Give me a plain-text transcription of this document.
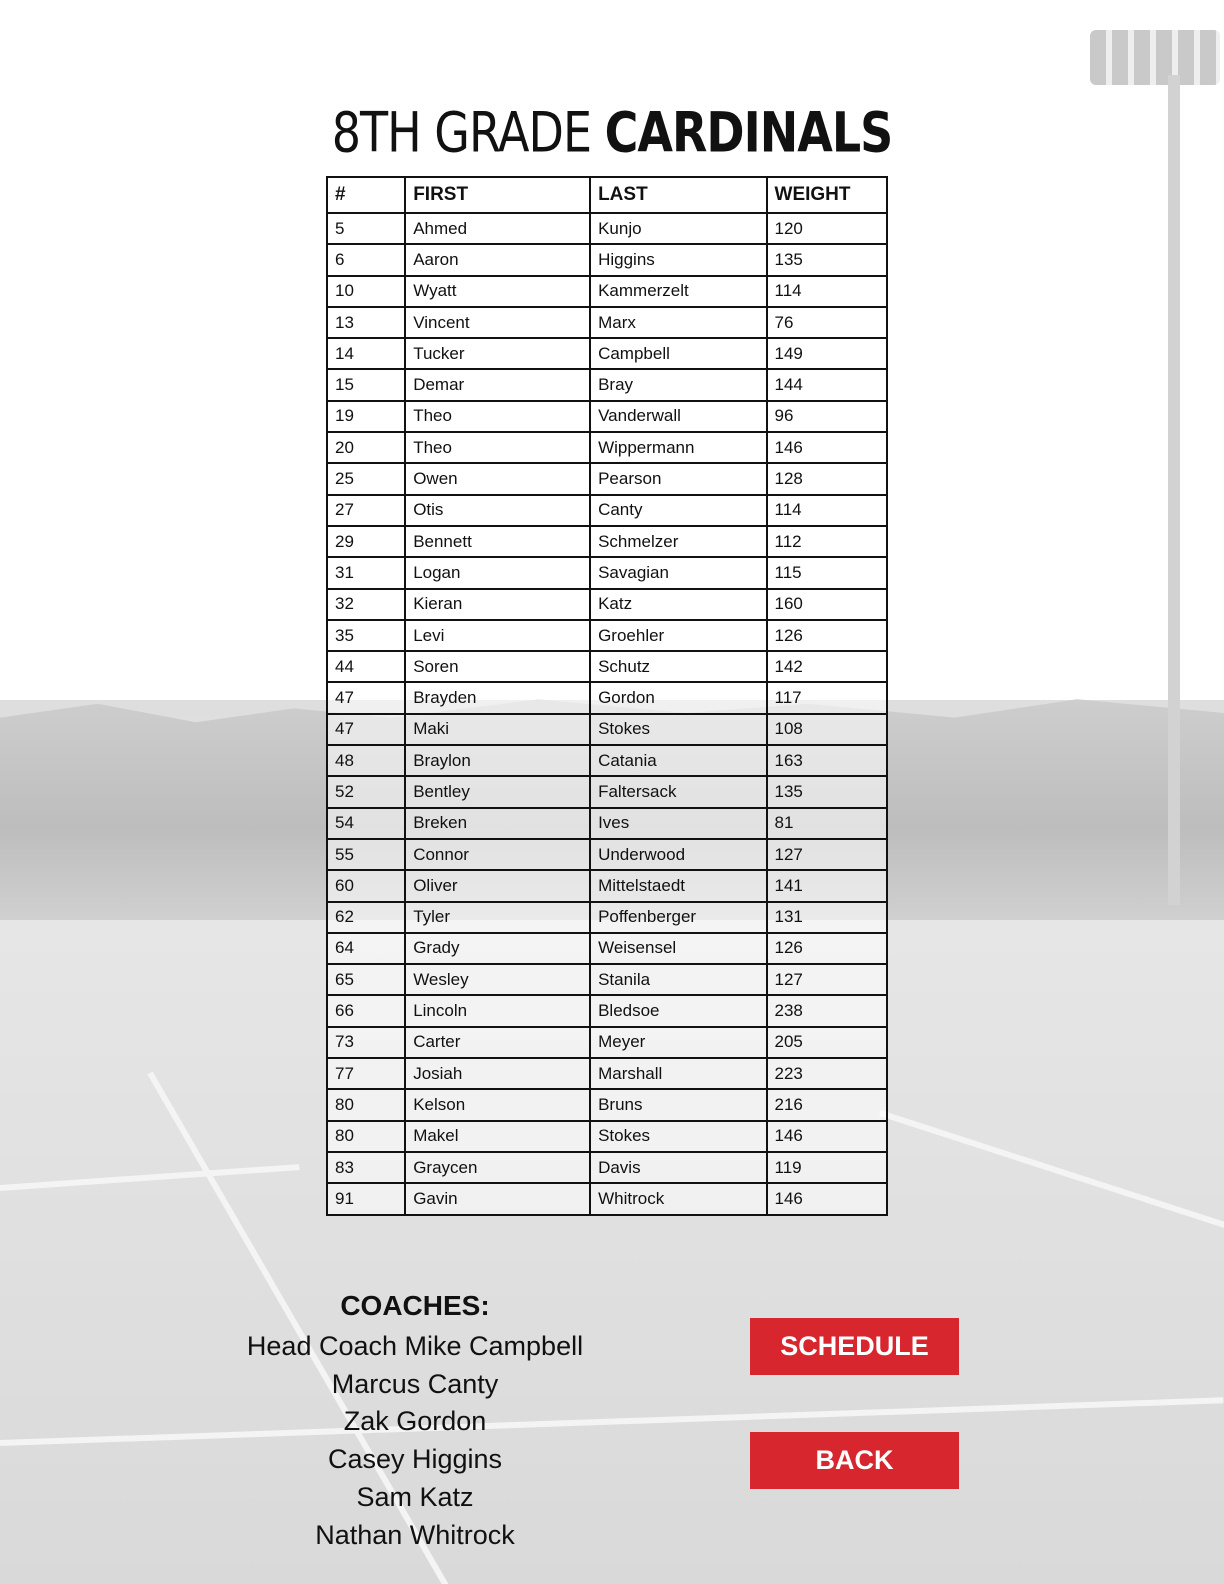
8TH GRADE CARDINALS
#	FIRST	LAST	WEIGHT
5	Ahmed	Kunjo	120
6	Aaron	Higgins	135
10	Wyatt	Kammerzelt	114
13	Vincent	Marx	76
14	Tucker	Campbell	149
15	Demar	Bray	144
19	Theo	Vanderwall	96
20	Theo	Wippermann	146
25	Owen	Pearson	128
27	Otis	Canty	114
29	Bennett	Schmelzer	112
31	Logan	Savagian	115
32	Kieran	Katz	160
35	Levi	Groehler	126
44	Soren	Schutz	142
47	Brayden	Gordon	117
47	Maki	Stokes	108
48	Braylon	Catania	163
52	Bentley	Faltersack	135
54	Breken	Ives	81
55	Connor	Underwood	127
60	Oliver	Mittelstaedt	141
62	Tyler	Poffenberger	131
64	Grady	Weisensel	126
65	Wesley	Stanila	127
66	Lincoln	Bledsoe	238
73	Carter	Meyer	205
77	Josiah	Marshall	223
80	Kelson	Bruns	216
80	Makel	Stokes	146
83	Graycen	Davis	119
91	Gavin	Whitrock	146
COACHES:
Head Coach Mike Campbell
Marcus Canty
Zak Gordon
Casey Higgins
Sam Katz
Nathan Whitrock
SCHEDULE
BACK
